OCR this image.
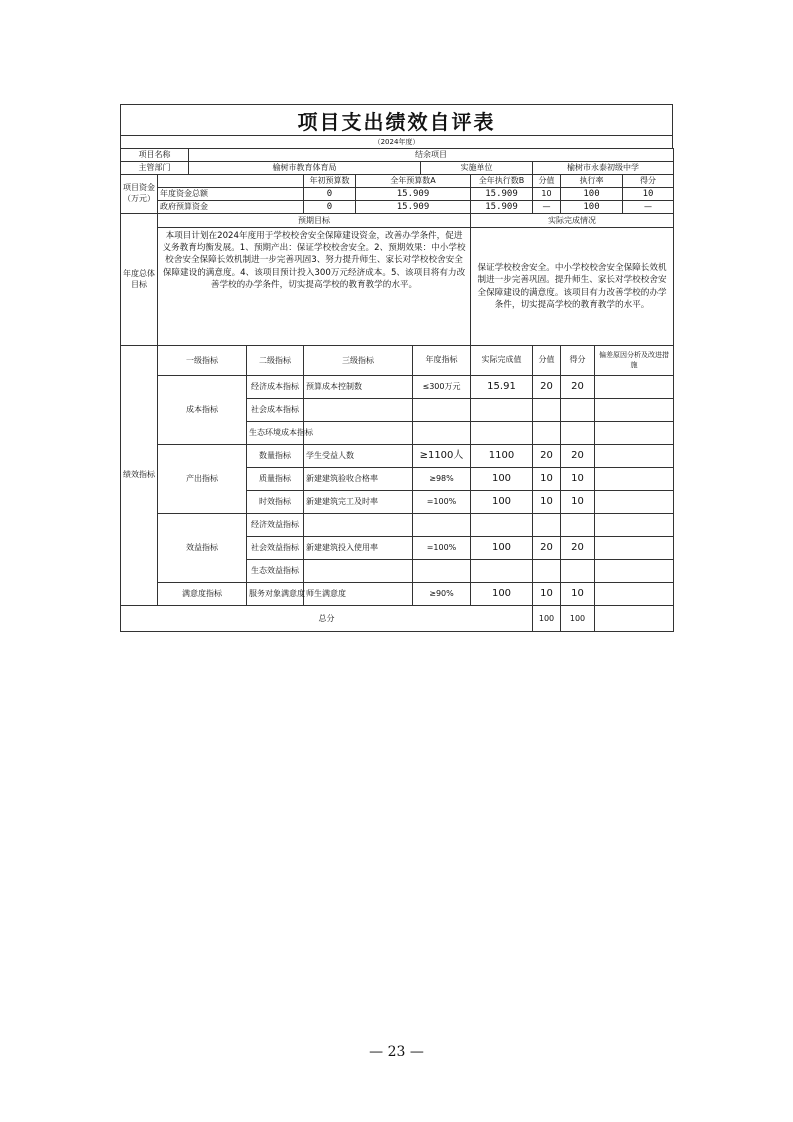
项目支出绩效自评表
（2024年度）
项目名称		结余项目										
主管部门		榆树市教育体育局					实施单位		榆树市永泰初级中学			
项目资金（万元）				年初预算数	全年预算数A			全年执行数B	分值	执行率		得分
	年度资金总额			0	15.909			15.909	10	100		10
	政府预算资金			0	15.909			15.909	—	100		—
年度总体目标	预期目标							实际完成情况				
	本项目计划在2024年度用于学校校舍安全保障建设资金，改善办学条件，促进义务教育均衡发展。1、预期产出：保证学校校舍安全。2、预期效果：中小学校校舍安全保障长效机制进一步完善巩固3、努力提升师生、家长对学校校舍安全保障建设的满意度。4、该项目预计投入300万元经济成本。5、该项目将有力改善学校的办学条件，切实提高学校的教育教学的水平。							保证学校校舍安全。中小学校校舍安全保障长效机制进一步完善巩固。提升师生、家长对学校校舍安全保障建设的满意度。该项目有力改善学校的办学条件，切实提高学校的教育教学的水平。				
绩效指标	一级指标		二级指标	三级指标		年度指标		实际完成值	分值	得分	偏差原因分析及改进措施	
	成本指标		经济成本指标	预算成本控制数		≤300万元		15.91	20	20		
			社会成本指标									
			生态环境成本指标									
	产出指标		数量指标	学生受益人数		≥1100人		1100	20	20		
			质量指标	新建建筑验收合格率		≥98%		100	10	10		
			时效指标	新建建筑完工及时率		=100%		100	10	10		
	效益指标		经济效益指标									
			社会效益指标	新建建筑投入使用率		=100%		100	20	20		
			生态效益指标									
	满意度指标		服务对象满意度	师生满意度		≥90%		100	10	10		
总分									100	100		
— 23 —
